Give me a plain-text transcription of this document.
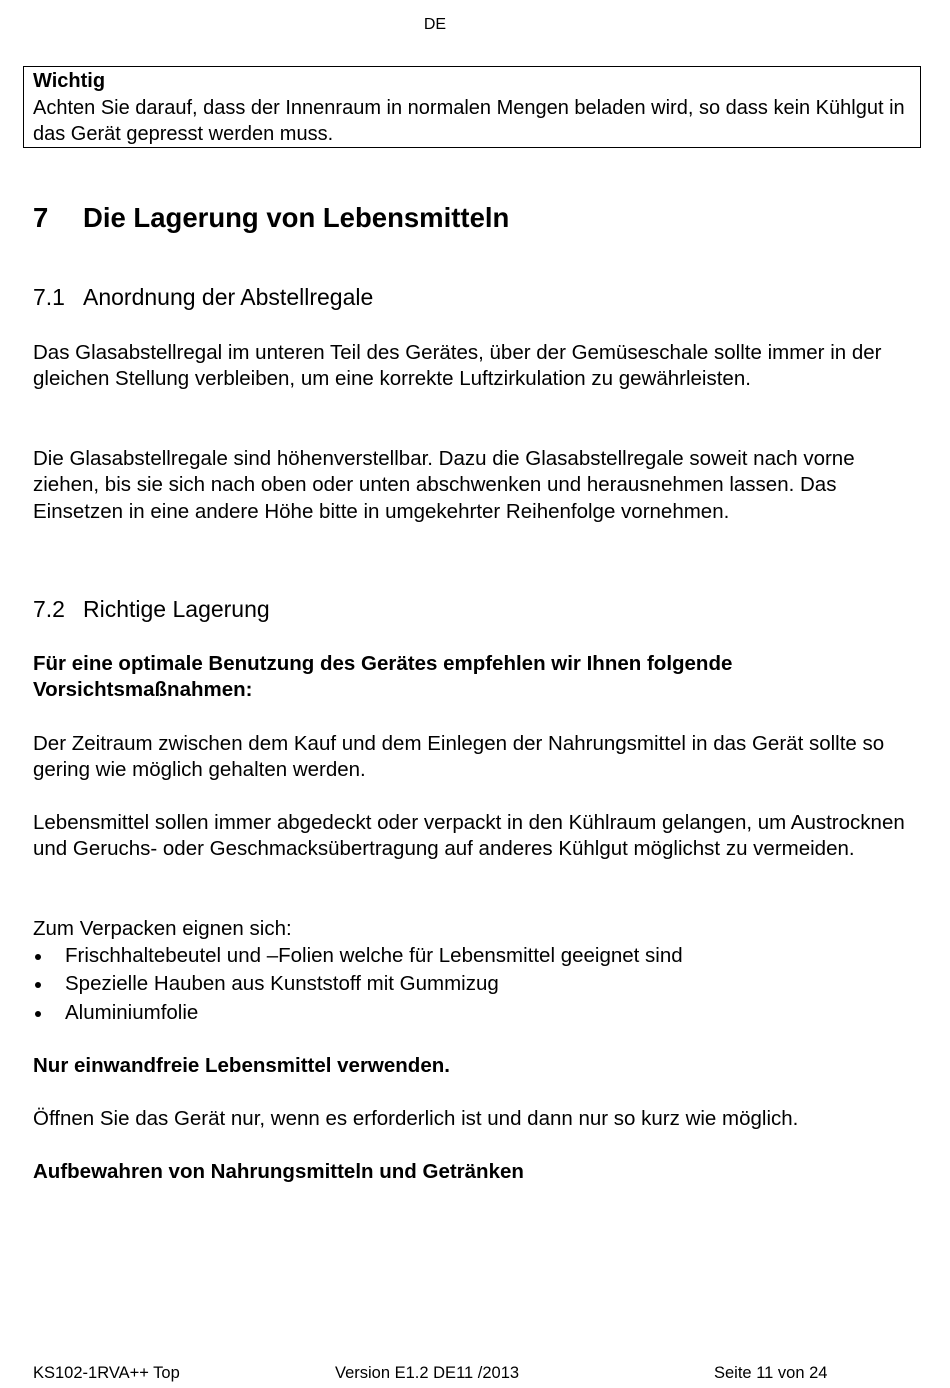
DE
Wichtig
Achten Sie darauf, dass der Innenraum in normalen Mengen beladen wird, so dass kein Kühlgut in das Gerät gepresst werden muss.
7 Die Lagerung von Lebensmitteln
7.1 Anordnung der Abstellregale
Das Glasabstellregal im unteren Teil des Gerätes, über der Gemüseschale sollte immer in der gleichen Stellung verbleiben, um eine korrekte Luftzirkulation zu gewährleisten.
Die Glasabstellregale sind höhenverstellbar. Dazu die Glasabstellregale soweit nach vorne ziehen, bis sie sich nach oben oder unten abschwenken und herausnehmen lassen. Das Einsetzen in eine andere Höhe bitte in umgekehrter Reihenfolge vornehmen.
7.2 Richtige Lagerung
Für eine optimale Benutzung des Gerätes empfehlen wir Ihnen folgende Vorsichtsmaßnahmen:
Der Zeitraum zwischen dem Kauf und dem Einlegen der Nahrungsmittel in das Gerät sollte so gering wie möglich gehalten werden.
Lebensmittel sollen immer abgedeckt oder verpackt in den Kühlraum gelangen, um Austrocknen und Geruchs- oder Geschmacksübertragung auf anderes Kühlgut möglichst zu vermeiden.
Zum Verpacken eignen sich:
Frischhaltebeutel und –Folien welche für Lebensmittel geeignet sind
Spezielle Hauben aus Kunststoff mit Gummizug
Aluminiumfolie
Nur einwandfreie Lebensmittel verwenden.
Öffnen Sie das Gerät nur, wenn es erforderlich ist und dann nur so kurz wie möglich.
Aufbewahren von Nahrungsmitteln und Getränken
KS102-1RVA++ Top	Version E1.2 DE11 /2013	Seite 11 von 24
